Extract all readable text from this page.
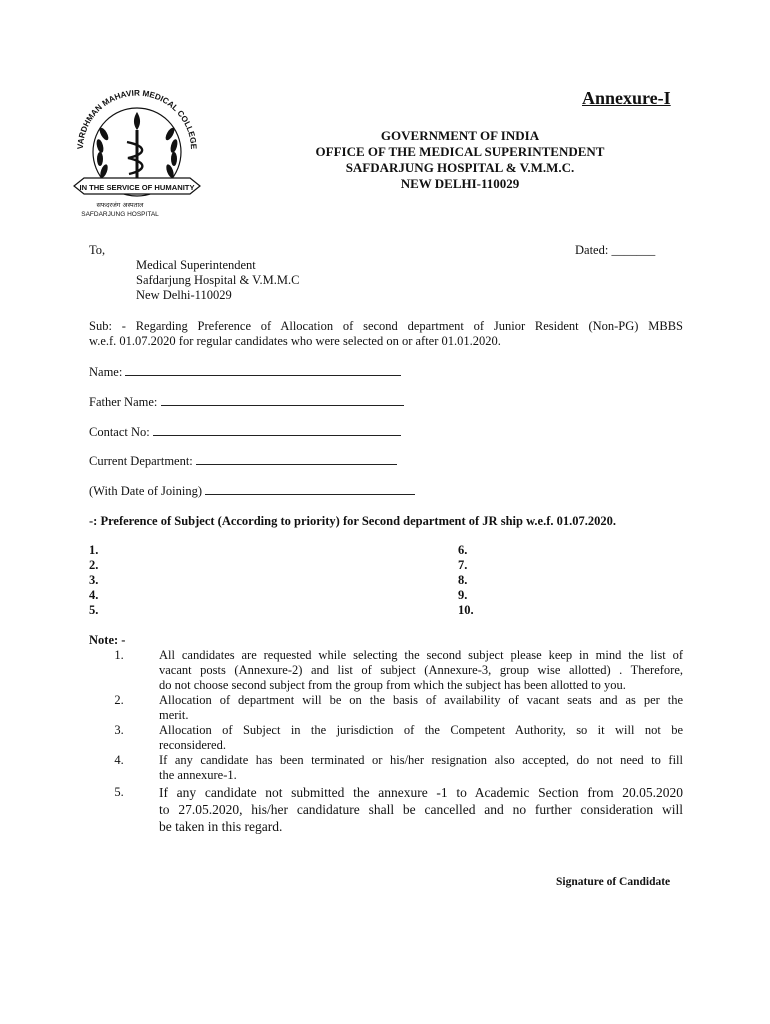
VARDHMAN MAHAVIR MEDICAL COLLEGE
IN THE SERVICE OF HUMANITY
सफदरजंग अस्पताल
SAFDARJUNG HOSPITAL
Annexure-I
GOVERNMENT OF INDIA
OFFICE OF THE MEDICAL SUPERINTENDENT
SAFDARJUNG HOSPITAL & V.M.M.C.
NEW DELHI-110029
To,	Dated: _______
Medical Superintendent
Safdarjung Hospital & V.M.M.C
New Delhi-110029
Sub: - Regarding Preference of Allocation of second department of Junior Resident (Non-PG) MBBS
w.e.f. 01.07.2020 for regular candidates who were selected on or after 01.01.2020.
Name:
Father Name:
Contact No:
Current Department:
(With Date of Joining)
-: Preference of Subject (According to priority) for Second department of JR ship w.e.f. 01.07.2020.
1.
2.
3.
4.
5.
6.
7.
8.
9.
10.
Note: -
1.	All candidates are requested while selecting the second subject please keep in mind the list of
vacant posts (Annexure-2) and list of subject (Annexure-3, group wise allotted) . Therefore,
do not choose second subject from the group from which the subject has been allotted to you.
2.	Allocation of department will be on the basis of availability of vacant seats and as per the
merit.
3.	Allocation of Subject in the jurisdiction of the Competent Authority, so it will not be
reconsidered.
4.	If any candidate has been terminated or his/her resignation also accepted, do not need to fill
the annexure-1.
5.	If any candidate not submitted the annexure -1 to Academic Section from 20.05.2020
to 27.05.2020, his/her candidature shall be cancelled and no further consideration will
be taken in this regard.
Signature of Candidate
